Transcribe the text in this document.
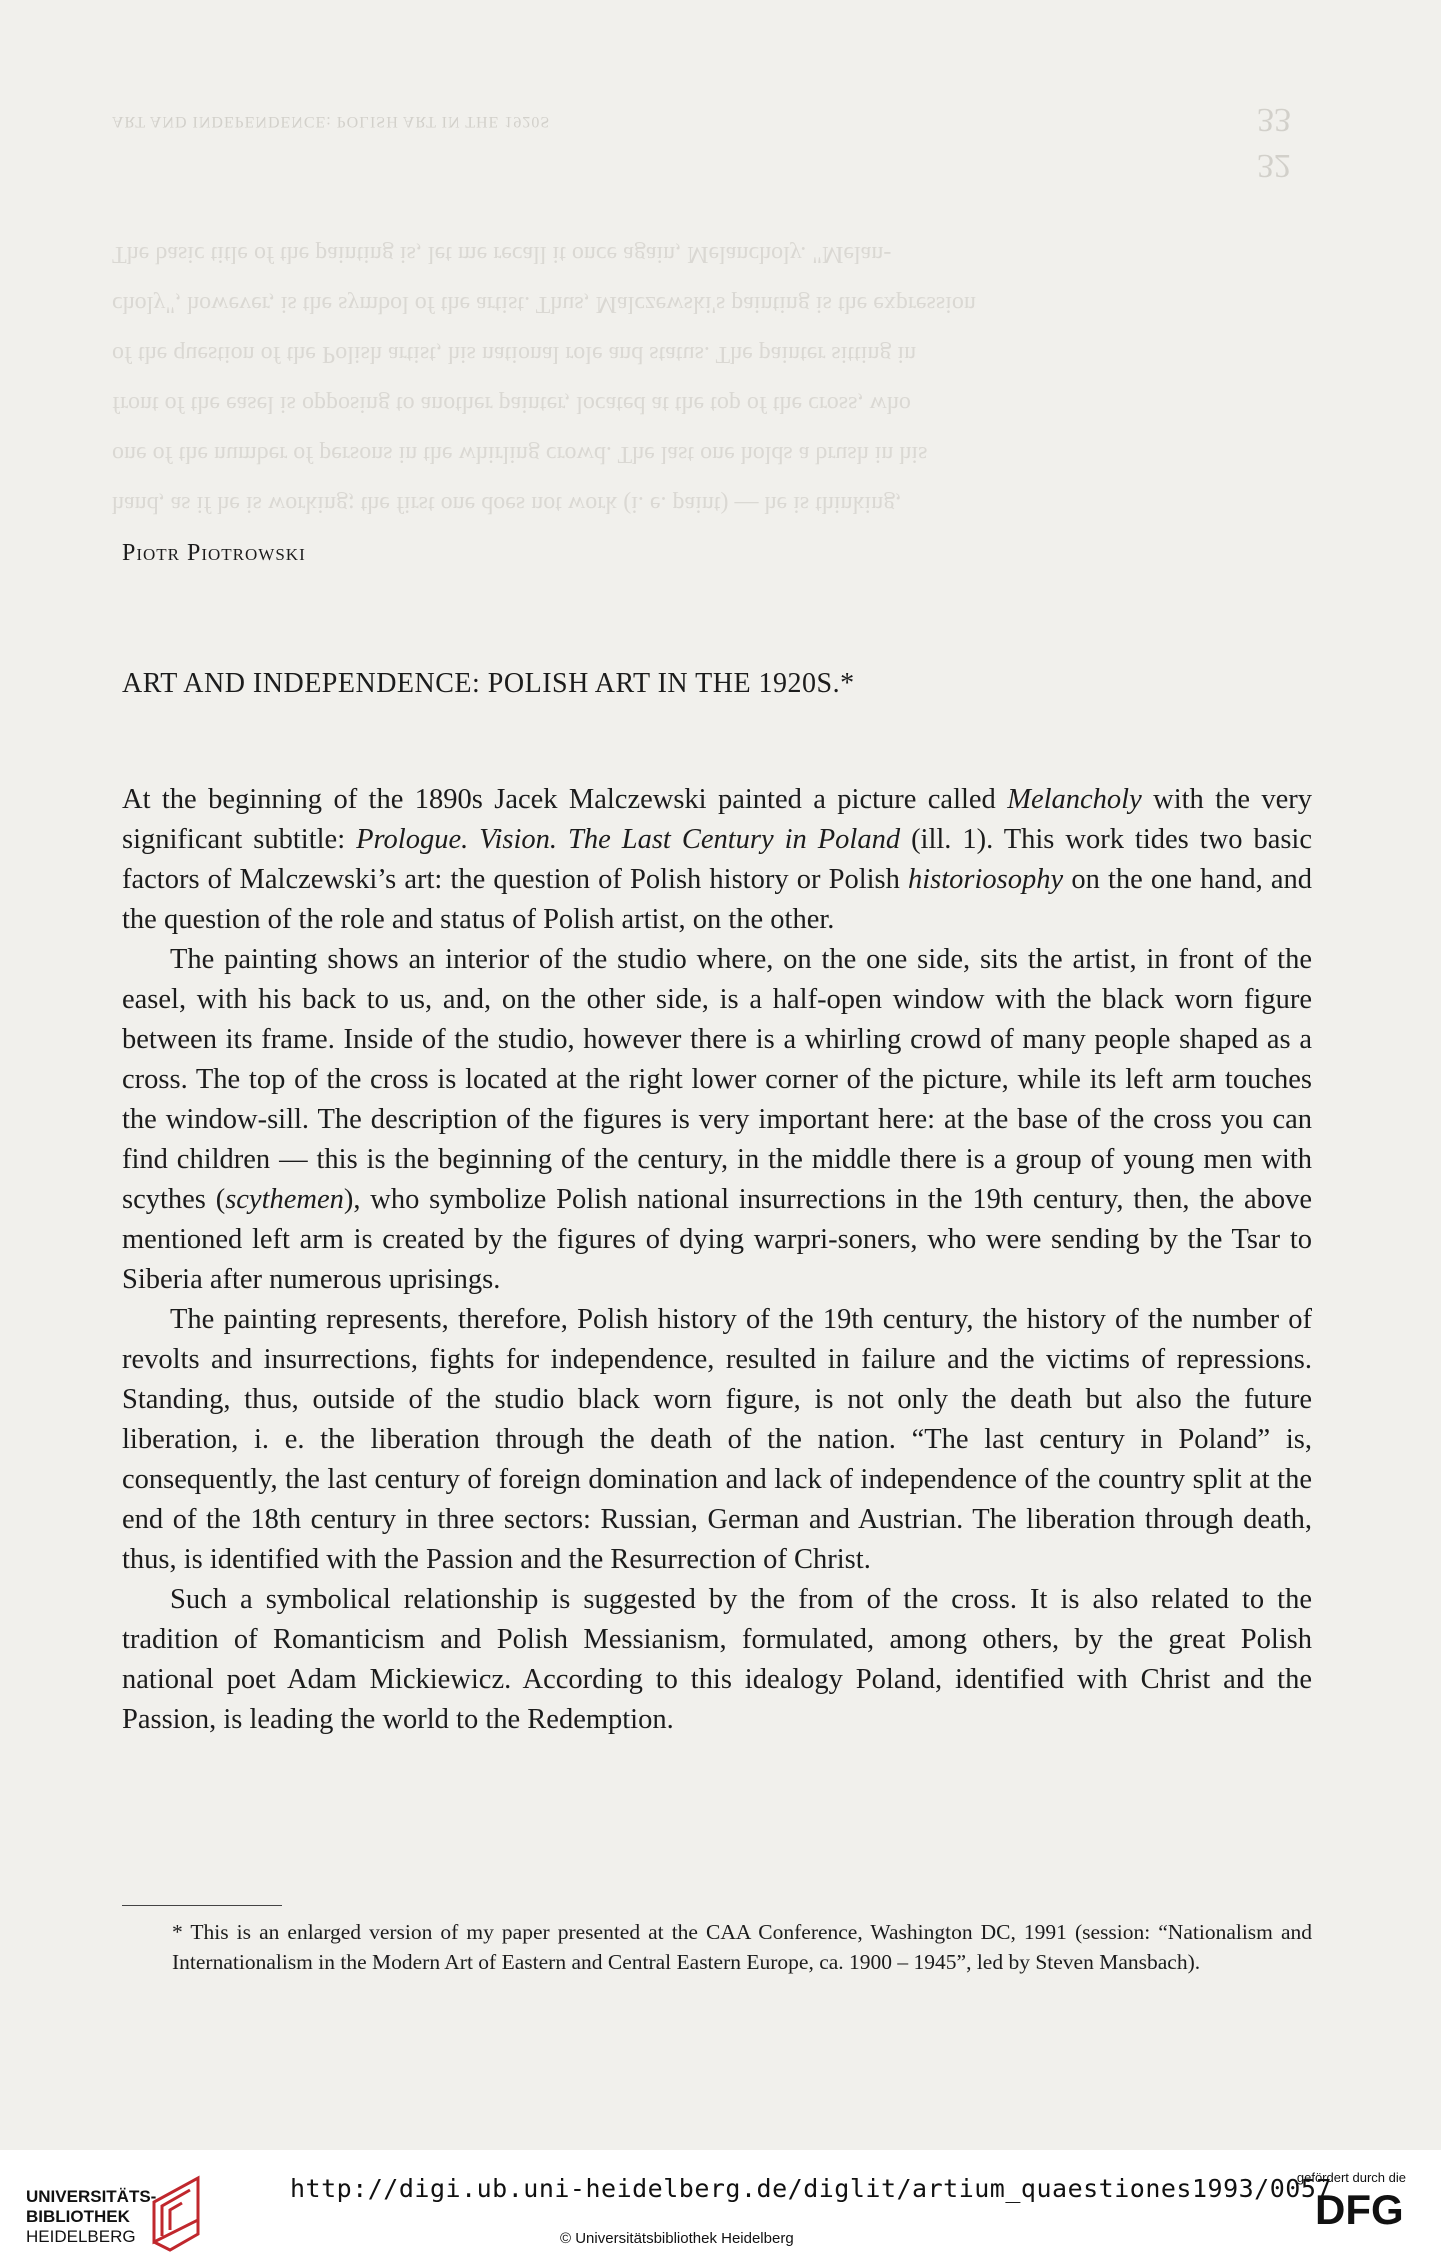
ART AND INDEPENDENCE: POLISH ART IN THE 1920S	33
32
The basic title of the painting is, let me recall it once again, Melancholy. "Melan-
choly", however, is the symbol of the artist. Thus, Malczewski's painting is the expression
of the question of the Polish artist, his national role and status. The painter sitting in
front of the easel is opposing to another painter, located at the top of the cross, who
one of the number of persons in the whirling crowd. The last one holds a brush in his
hand, as if he is working; the first one does not work (i. e. paint) — he is thinking,
Piotr Piotrowski
ART AND INDEPENDENCE: POLISH ART IN THE 1920S.*

At the beginning of the 1890s Jacek Malczewski painted a picture called Melancholy with the very significant subtitle: Prologue. Vision. The Last Century in Poland (ill. 1). This work tides two basic factors of Malczewski’s art: the question of Polish history or Polish historiosophy on the one hand, and the question of the role and status of Polish artist, on the other.

The painting shows an interior of the studio where, on the one side, sits the artist, in front of the easel, with his back to us, and, on the other side, is a half-open window with the black worn figure between its frame. Inside of the studio, however there is a whirling crowd of many people shaped as a cross. The top of the cross is located at the right lower corner of the picture, while its left arm touches the window-sill. The description of the figures is very important here: at the base of the cross you can find children — this is the beginning of the century, in the middle there is a group of young men with scythes (scythemen), who symbolize Polish national insurrections in the 19th century, then, the above mentioned left arm is created by the figures of dying warpri-soners, who were sending by the Tsar to Siberia after numerous uprisings.

The painting represents, therefore, Polish history of the 19th century, the history of the number of revolts and insurrections, fights for independence, resulted in failure and the victims of repressions. Standing, thus, outside of the studio black worn figure, is not only the death but also the future liberation, i. e. the liberation through the death of the nation. “The last century in Poland” is, consequently, the last century of foreign domination and lack of independence of the country split at the end of the 18th century in three sectors: Russian, German and Austrian. The liberation through death, thus, is identified with the Passion and the Resurrection of Christ.

Such a symbolical relationship is suggested by the from of the cross. It is also related to the tradition of Romanticism and Polish Messianism, formulated, among others, by the great Polish national poet Adam Mickiewicz. According to this idealogy Poland, identified with Christ and the Passion, is leading the world to the Redemption.

* This is an enlarged version of my paper presented at the CAA Conference, Washington DC, 1991 (session: “Nationalism and Internationalism in the Modern Art of Eastern and Central Eastern Europe, ca. 1900 – 1945”, led by Steven Mansbach).
UNIVERSITÄTS-
BIBLIOTHEK
HEIDELBERG
http://digi.ub.uni-heidelberg.de/diglit/artium_quaestiones1993/0057
© Universitätsbibliothek Heidelberg
gefördert durch die
DFG
